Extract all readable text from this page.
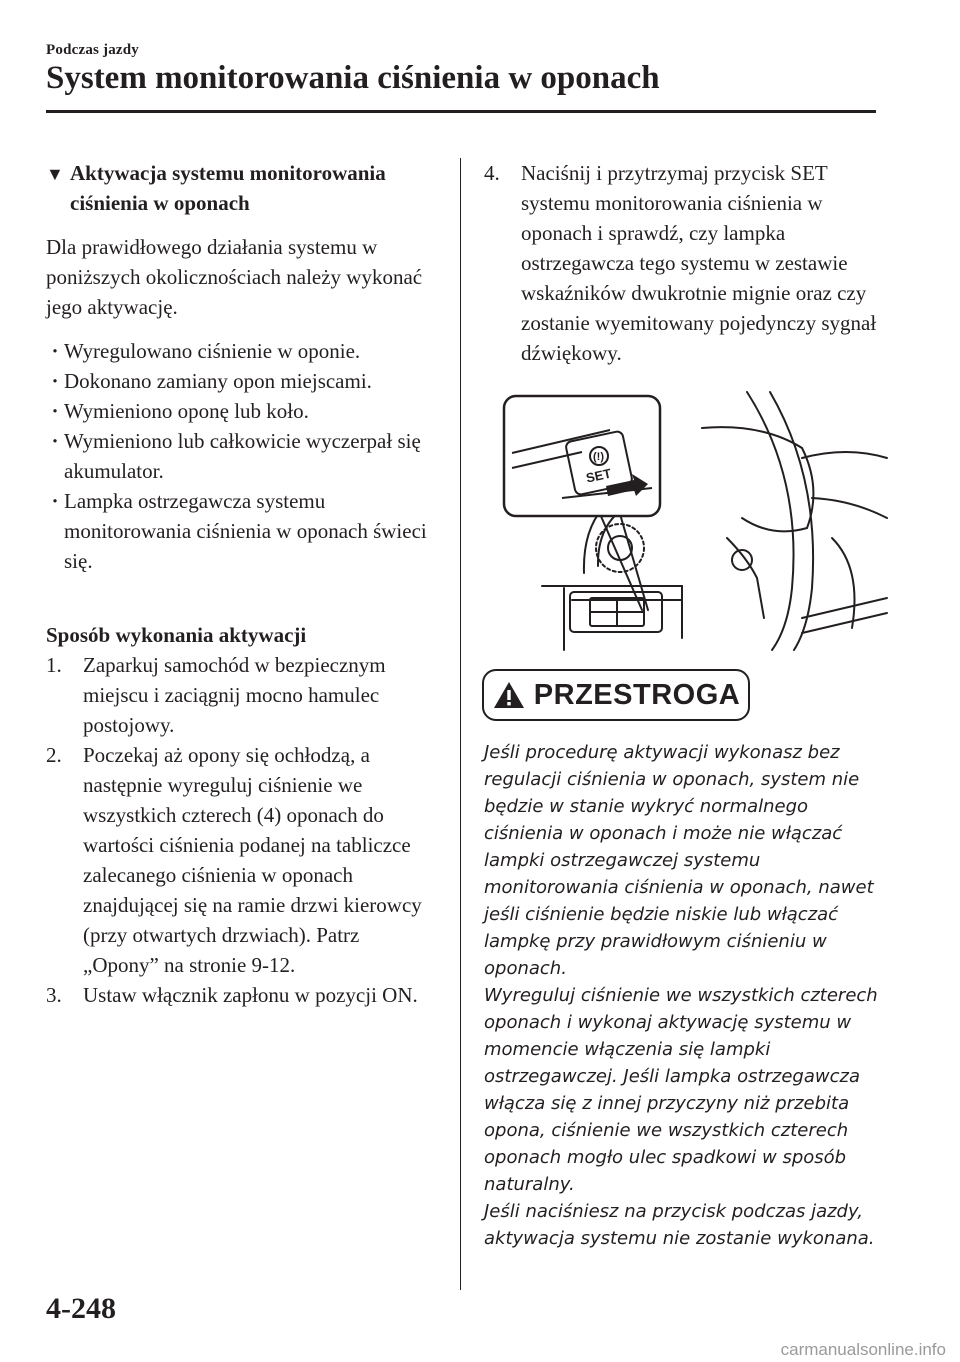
Podczas jazdy
System monitorowania ciśnienia w oponach
▼ Aktywacja systemu monitorowania
ciśnienia w oponach

Dla prawidłowego działania systemu w poniższych okolicznościach należy wykonać jego aktywację.

· Wyregulowano ciśnienie w oponie.
· Dokonano zamiany opon miejscami.
· Wymieniono oponę lub koło.
· Wymieniono lub całkowicie wyczerpał się akumulator.
· Lampka ostrzegawcza systemu monitorowania ciśnienia w oponach świeci się.

Sposób wykonania aktywacji

1.	Zaparkuj samochód w bezpiecznym miejscu i zaciągnij mocno hamulec postojowy.
2.	Poczekaj aż opony się ochłodzą, a następnie wyreguluj ciśnienie we wszystkich czterech (4) oponach do wartości ciśnienia podanej na tabliczce zalecanego ciśnienia w oponach znajdującej się na ramie drzwi kierowcy (przy otwartych drzwiach). Patrz „Opony” na stronie 9-12.
3.	Ustaw włącznik zapłonu w pozycji ON.
4.	Naciśnij i przytrzymaj przycisk SET systemu monitorowania ciśnienia w oponach i sprawdź, czy lampka ostrzegawcza tego systemu w zestawie wskaźników dwukrotnie mignie oraz czy zostanie wyemitowany pojedynczy sygnał dźwiękowy.
(!)
SET
PRZESTROGA

Jeśli procedurę aktywacji wykonasz bez regulacji ciśnienia w oponach, system nie będzie w stanie wykryć normalnego ciśnienia w oponach i może nie włączać lampki ostrzegawczej systemu monitorowania ciśnienia w oponach, nawet jeśli ciśnienie będzie niskie lub włączać lampkę przy prawidłowym ciśnieniu w oponach.

Wyreguluj ciśnienie we wszystkich czterech oponach i wykonaj aktywację systemu w momencie włączenia się lampki ostrzegawczej. Jeśli lampka ostrzegawcza włącza się z innej przyczyny niż przebita opona, ciśnienie we wszystkich czterech oponach mogło ulec spadkowi w sposób naturalny.

Jeśli naciśniesz na przycisk podczas jazdy, aktywacja systemu nie zostanie wykonana.

4-248
carmanualsonline.info
